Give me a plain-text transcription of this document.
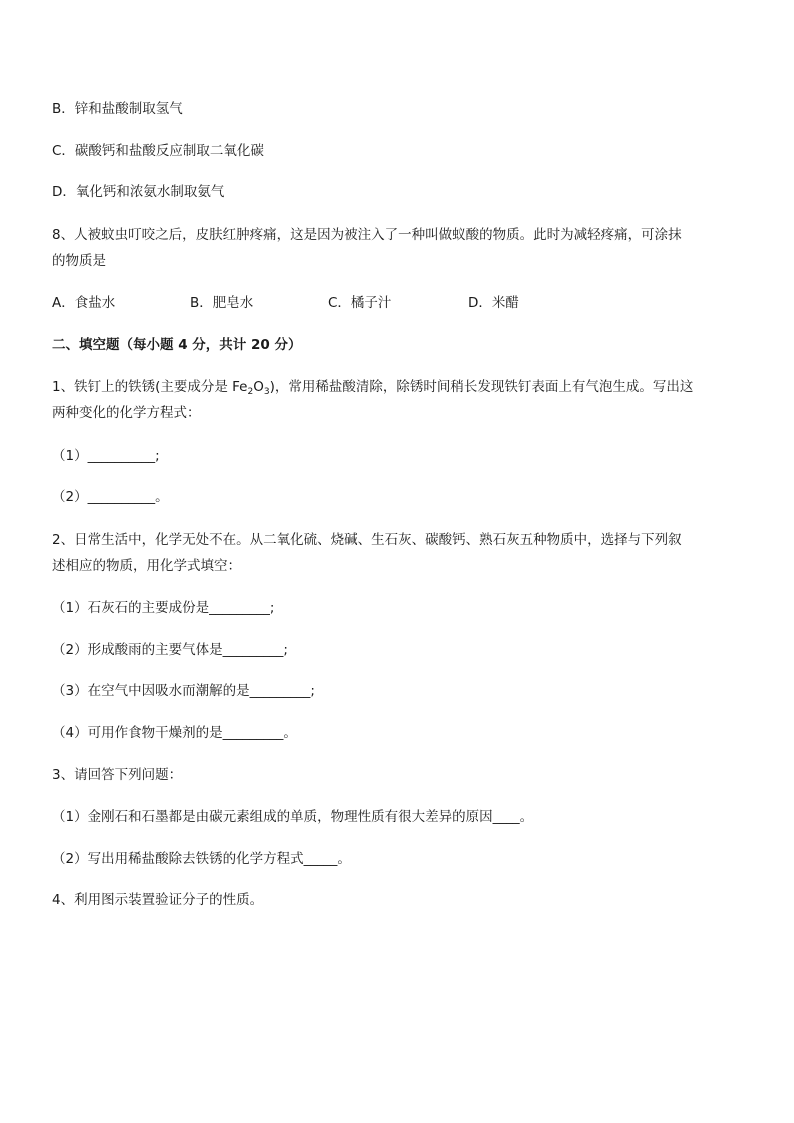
B．锌和盐酸制取氢气
C．碳酸钙和盐酸反应制取二氧化碳
D．氧化钙和浓氨水制取氨气
8、人被蚊虫叮咬之后，皮肤红肿疼痛，这是因为被注入了一种叫做蚁酸的物质。此时为减轻疼痛，可涂抹
的物质是
A．食盐水	B．肥皂水	C．橘子汁	D．米醋
二、填空题（每小题 4 分，共计 20 分）
1、铁钉上的铁锈(主要成分是 $Fe_2O_3$)，常用稀盐酸清除，除锈时间稍长发现铁钉表面上有气泡生成。写出这
两种变化的化学方程式：
（1）__________;
（2）__________。
2、日常生活中，化学无处不在。从二氧化硫、烧碱、生石灰、碳酸钙、熟石灰五种物质中，选择与下列叙
述相应的物质，用化学式填空：
（1）石灰石的主要成份是_________;
（2）形成酸雨的主要气体是_________;
（3）在空气中因吸水而潮解的是_________;
（4）可用作食物干燥剂的是_________。
3、请回答下列问题：
（1）金刚石和石墨都是由碳元素组成的单质，物理性质有很大差异的原因____。
（2）写出用稀盐酸除去铁锈的化学方程式_____。
4、利用图示装置验证分子的性质。
